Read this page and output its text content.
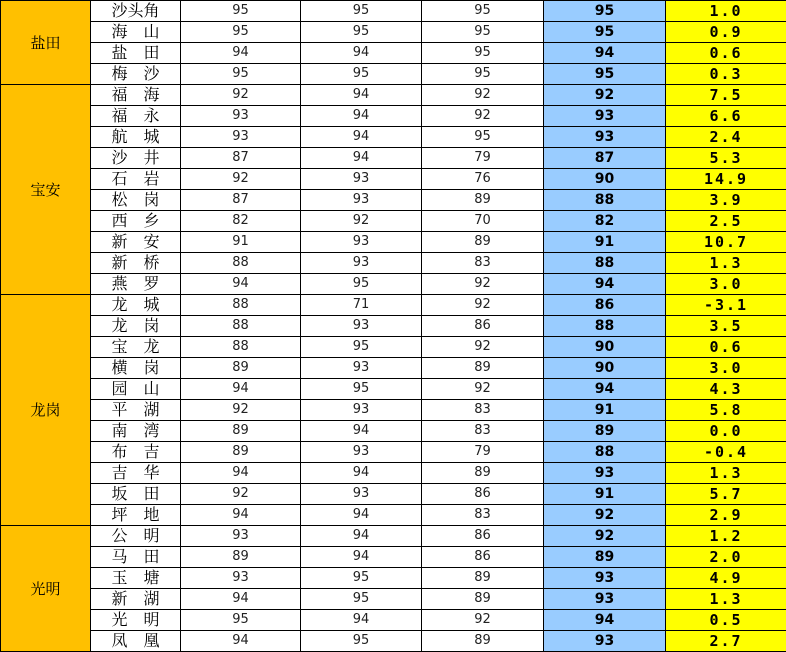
盐田	沙头角	95	95	95	95	1.0
	海　山	95	95	95	95	0.9
	盐　田	94	94	95	94	0.6
	梅　沙	95	95	95	95	0.3
宝安	福　海	92	94	92	92	7.5
	福　永	93	94	92	93	6.6
	航　城	93	94	95	93	2.4
	沙　井	87	94	79	87	5.3
	石　岩	92	93	76	90	14.9
	松　岗	87	93	89	88	3.9
	西　乡	82	92	70	82	2.5
	新　安	91	93	89	91	10.7
	新　桥	88	93	83	88	1.3
	燕　罗	94	95	92	94	3.0
龙岗	龙　城	88	71	92	86	-3.1
	龙　岗	88	93	86	88	3.5
	宝　龙	88	95	92	90	0.6
	横　岗	89	93	89	90	3.0
	园　山	94	95	92	94	4.3
	平　湖	92	93	83	91	5.8
	南　湾	89	94	83	89	0.0
	布　吉	89	93	79	88	-0.4
	吉　华	94	94	89	93	1.3
	坂　田	92	93	86	91	5.7
	坪　地	94	94	83	92	2.9
光明	公　明	93	94	86	92	1.2
	马　田	89	94	86	89	2.0
	玉　塘	93	95	89	93	4.9
	新　湖	94	95	89	93	1.3
	光　明	95	94	92	94	0.5
	凤　凰	94	95	89	93	2.7
